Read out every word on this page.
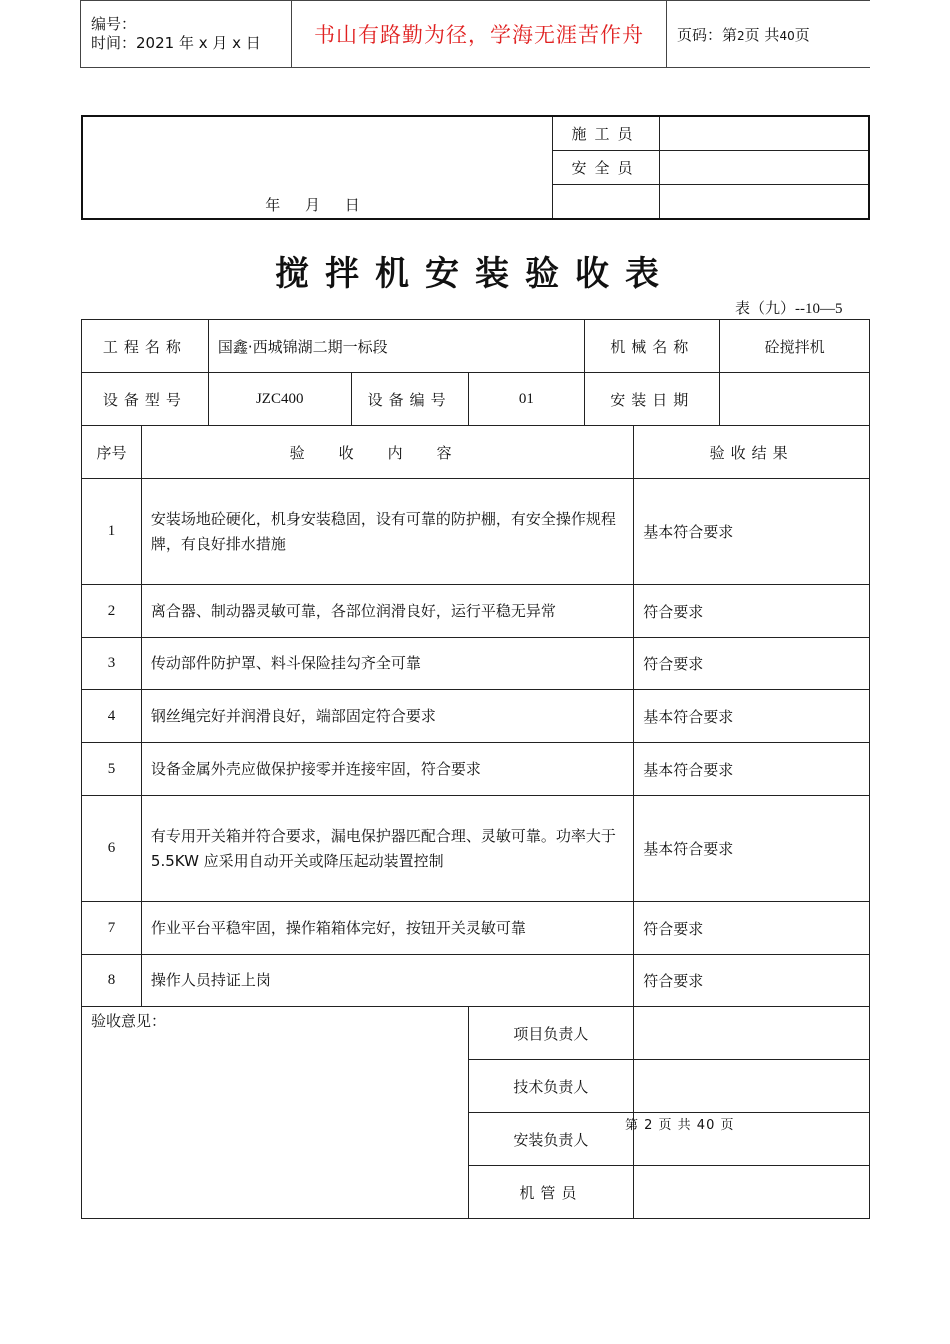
编号：
时间：2021 年 x 月 x 日	书山有路勤为径，学海无涯苦作舟	页码：第2页 共40页
年 月 日	施工员	
	安全员	

搅拌机安装验收表
表（九）--10—5
工程名称		国鑫·西城锦湖二期一标段			机械名称		砼搅拌机
设备型号		JZC400	设备编号	01	安装日期		
序号	验收内容					验收结果	
1	安装场地砼硬化，机身安装稳固，设有可靠的防护棚，有安全操作规程牌，有良好排水措施					基本符合要求	
2	离合器、制动器灵敏可靠，各部位润滑良好，运行平稳无异常					符合要求	
3	传动部件防护罩、料斗保险挂勾齐全可靠					符合要求	
4	钢丝绳完好并润滑良好，端部固定符合要求					基本符合要求	
5	设备金属外壳应做保护接零并连接牢固，符合要求					基本符合要求	
6	有专用开关箱并符合要求，漏电保护器匹配合理、灵敏可靠。功率大于 5.5KW 应采用自动开关或降压起动装置控制					基本符合要求	
7	作业平台平稳牢固，操作箱箱体完好，按钮开关灵敏可靠					符合要求	
8	操作人员持证上岗					符合要求	
				项目负责人			
				技术负责人			
				安装负责人			
				机管员			
验收意见：
第 2 页 共 40 页
